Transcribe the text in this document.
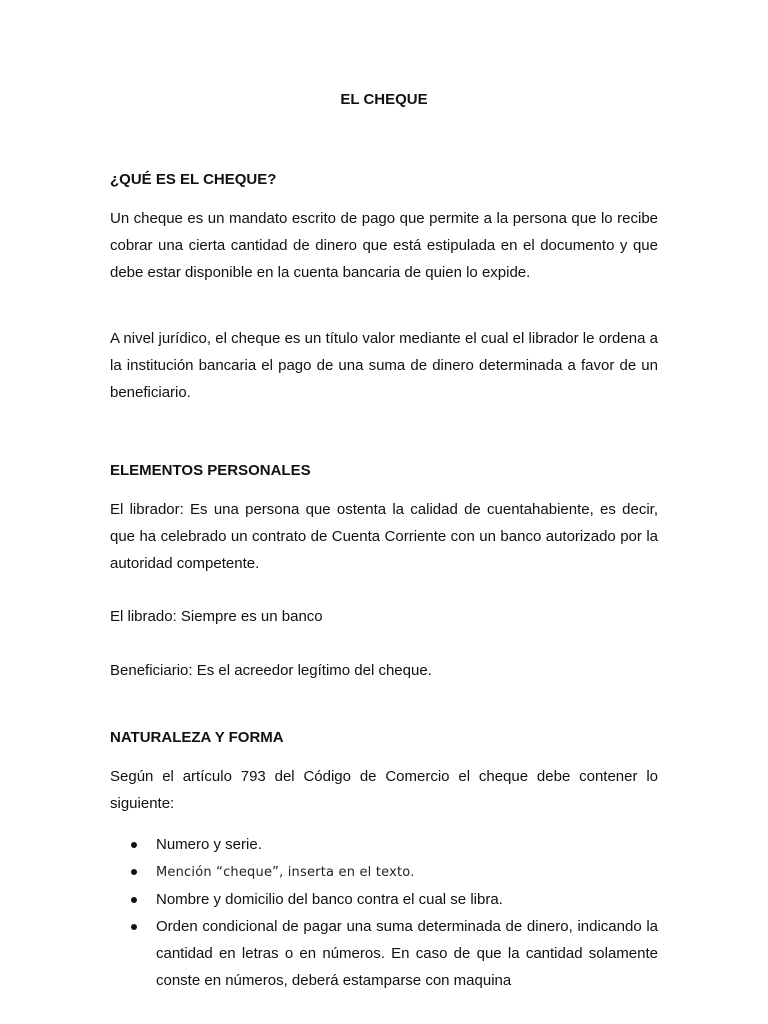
EL CHEQUE
¿QUÉ ES EL CHEQUE?
Un cheque es un mandato escrito de pago que permite a la persona que lo recibe cobrar una cierta cantidad de dinero que está estipulada en el documento y que debe estar disponible en la cuenta bancaria de quien lo expide.
A nivel jurídico, el cheque es un título valor mediante el cual el librador le ordena a la institución bancaria el pago de una suma de dinero determinada a favor de un beneficiario.
ELEMENTOS PERSONALES
El librador: Es una persona que ostenta la calidad de cuentahabiente, es decir, que ha celebrado un contrato de Cuenta Corriente con un banco autorizado por la autoridad competente.
El librado: Siempre es un banco
Beneficiario: Es el acreedor legítimo del cheque.
NATURALEZA Y FORMA
Según el artículo 793 del Código de Comercio el cheque debe contener lo siguiente:
Numero y serie.
Mención “cheque”, inserta en el texto.
Nombre y domicilio del banco contra el cual se libra.
Orden condicional de pagar una suma determinada de dinero, indicando la cantidad en letras o en números. En caso de que la cantidad solamente conste en números, deberá estamparse con maquina
